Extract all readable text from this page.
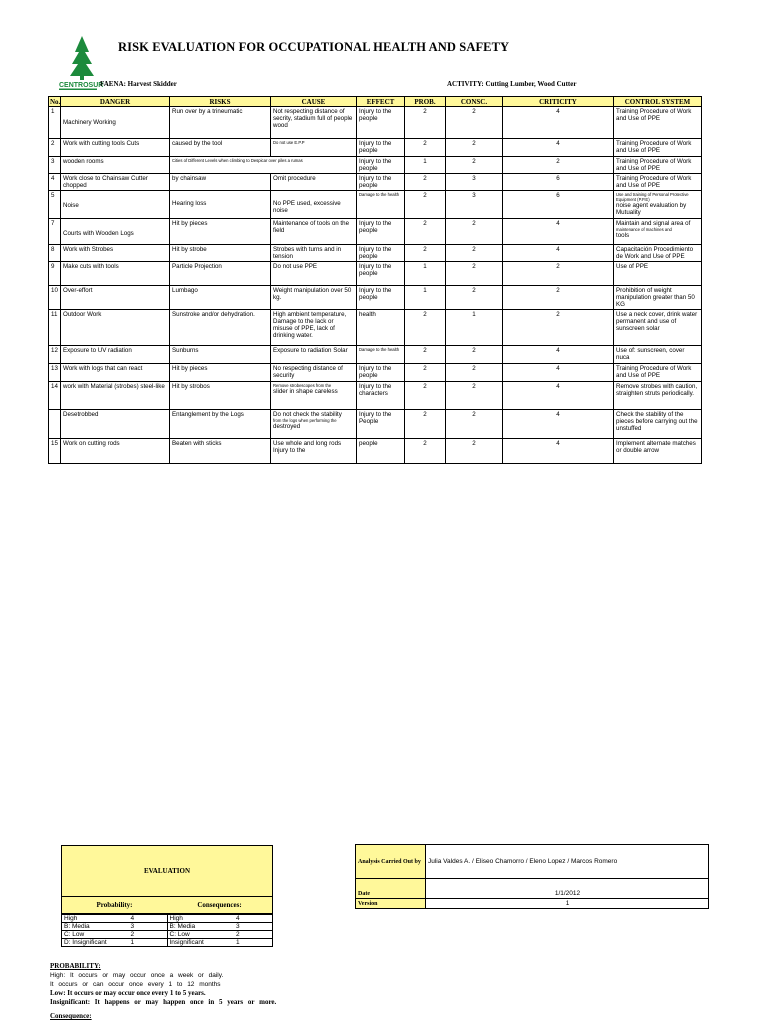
CENTROSUR
RISK EVALUATION FOR OCCUPATIONAL HEALTH AND SAFETY
FAENA: Harvest Skidder	ACTIVITY: Cutting Lumber, Wood Cutter
No.	DANGER	RISKS	CAUSE	EFFECT	PROB.	CONSC.	CRITICITY	CONTROL SYSTEM
1	Machinery Working	Run over by a trineumatic	Not respecting distance of secrity, stadium full of people wood	Injury to the people	2	2	4	Training Procedure of Work and Use of PPE
2	Work with cutting tools Cuts	caused by the tool	Do not use E.P.P	Injury to the people	2	2	4	Training Procedure of Work and Use of PPE
3	wooden rooms	Cities of Different Levels when climbing to Despicar over piles a rumas		Injury to the people	1	2	2	Training Procedure of Work and Use of PPE
4	Work close to Chainsaw Cutter chopped	by chainsaw	Omit procedure	Injury to the people	2	3	6	Training Procedure of Work and Use of PPE
5	Noise	Hearing loss	No PPE used, excessive noise	Damage to the health	2	3	6	Use and training of Personal Protective Equipment (P.P.E)
noise agent evaluation by Mutuality
7	Courts with Wooden Logs	Hit by pieces	Maintenance of tools on the field	Injury to the people	2	2	4	Maintain and signal area of
maintenance of machines and
tools
8	Work with Strobes	Hit by strobe	Strobes with turns and in tension	Injury to the people	2	2	4	Capacitación Procedimiento de Work and Use of PPE
9	Make cuts with tools	Particle Projection	Do not use PPE	Injury to the people	1	2	2	Use of PPE
10	Over-effort	Lumbago	Weight manipulation over 50 kg.	Injury to the people	1	2	2	Prohibition of weight manipulation greater than 50 KG
11	Outdoor Work	Sunstroke and/or dehydration.	High ambient temperature, Damage to the lack or misuse of PPE, lack of drinking water.	health	2	1	2	Use a neck cover, drink water permanent and use of sunscreen solar
12	Exposure to UV radiation	Sunburns	Exposure to radiation Solar	Damage to the health	2	2	4	Use of: sunscreen, cover nuca
13	Work with logs that can react	Hit by pieces	No respecting distance of security	Injury to the people	2	2	4	Training Procedure of Work and Use of PPE
14	work with Material (strobes) steel-like	Hit by strobos	Remove strobescopes from the
slider in shape careless	Injury to the characters	2	2	4	Remove strobes with caution, straighten struts periodically.
	Desetrobbed	Entanglement by the Logs	Do not check the stability
from the logs when performing the
destroyed	Injury to the
People	2	2	4	Check the stability of the pieces before carrying out the unstuffed
15	Work on cutting rods	Beaten with sticks	Use whole and long rods Injury to the	people	2	2	4	Implement alternate matches or double arrow
EVALUATION
Probability:	Consequences:
High	4	High	4
B: Media	3	B: Media	3
C: Low	2	C: Low	2
D: Insignificant	1	Insignificant	1
Analysis Carried Out by	Julia Valdes A. / Eliseo Chamorro / Eleno Lopez / Marcos Romero
Date	1/1/2012
Version	1
PROBABILITY:
High: It occurs or may occur once a week or daily.
It occurs or can occur once every 1 to 12 months
Low: It occurs or may occur once every 1 to 5 years.
Insignificant: It happens or may happen once in 5 years or more.
Consequence:
